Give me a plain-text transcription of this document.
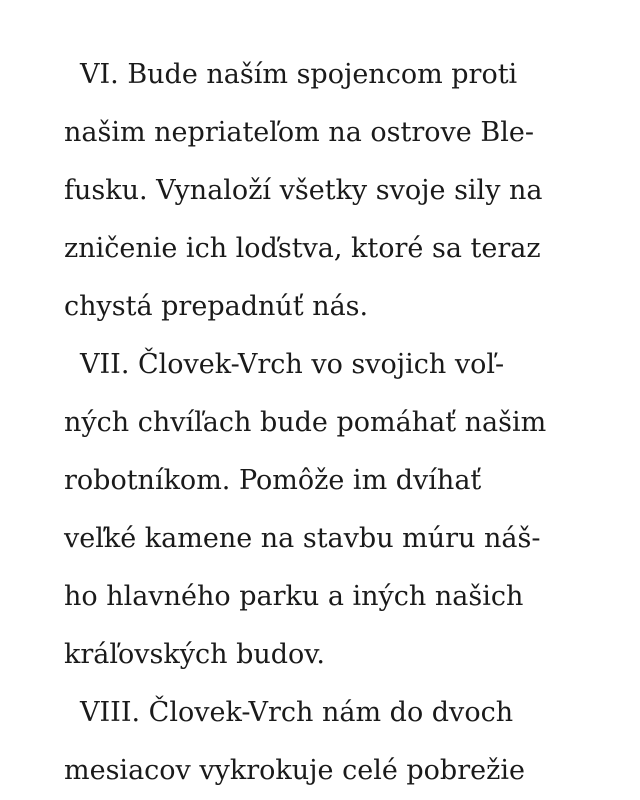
VI. Bude naším spojencom proti
našim nepriateľom na ostrove Ble-
fusku. Vynaloží všetky svoje sily na
zničenie ich loďstva, ktoré sa teraz
chystá prepadnúť nás.
VII. Človek-Vrch vo svojich voľ-
ných chvíľach bude pomáhať našim
robotníkom. Pomôže im dvíhať
veľké kamene na stavbu múru náš-
ho hlavného parku a iných našich
kráľovských budov.
VIII. Človek-Vrch nám do dvoch
mesiacov vykrokuje celé pobrežie
